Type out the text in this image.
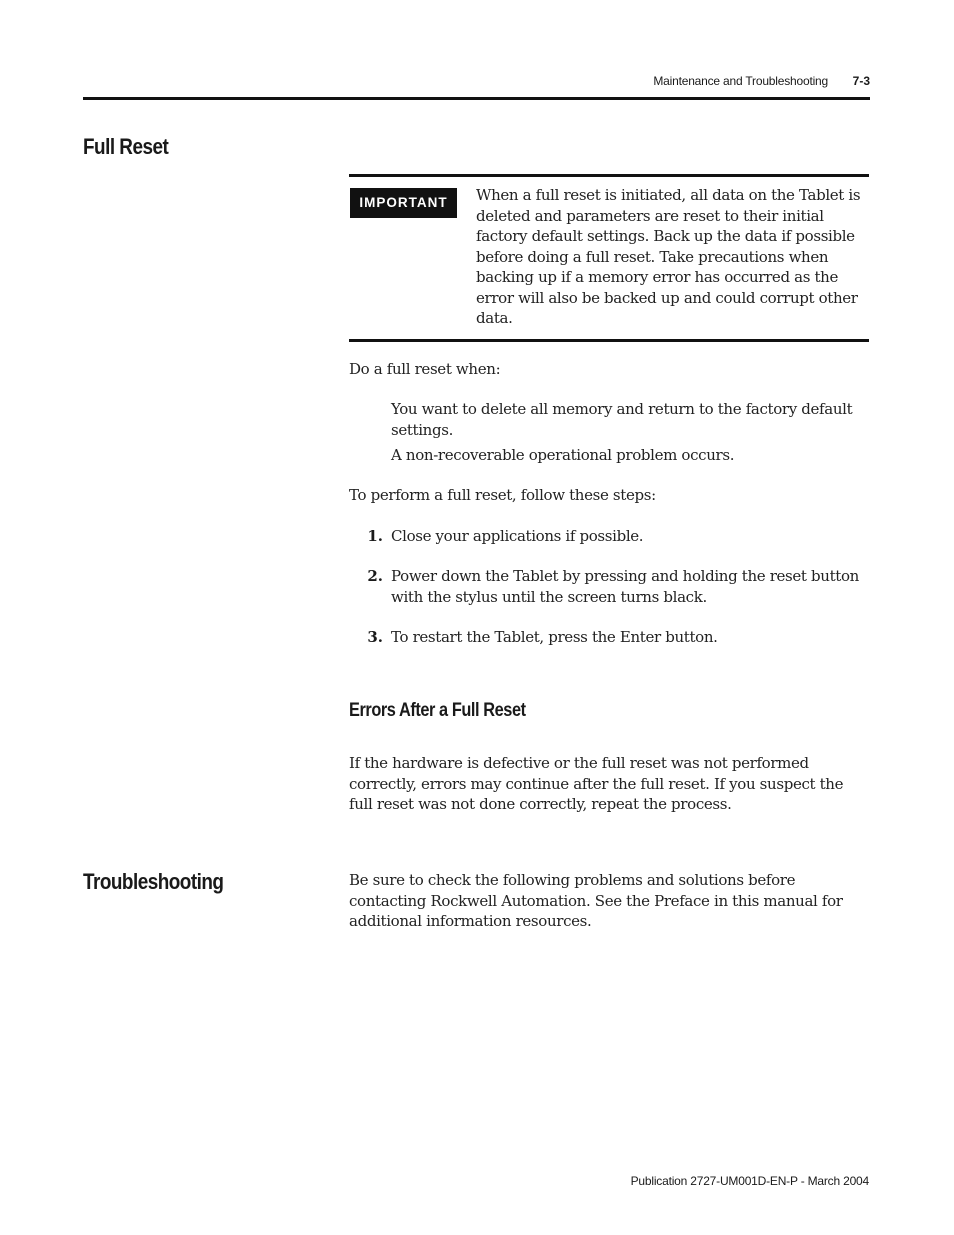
Maintenance and Troubleshooting	7-3
Full Reset
IMPORTANT	When a full reset is initiated, all data on the Tablet is deleted and parameters are reset to their initial factory default settings. Back up the data if possible before doing a full reset. Take precautions when backing up if a memory error has occurred as the error will also be backed up and could corrupt other data.
Do a full reset when:
You want to delete all memory and return to the factory default settings.
A non-recoverable operational problem occurs.
To perform a full reset, follow these steps:
1. Close your applications if possible.
2. Power down the Tablet by pressing and holding the reset button with the stylus until the screen turns black.
3. To restart the Tablet, press the Enter button.
Errors After a Full Reset
If the hardware is defective or the full reset was not performed correctly, errors may continue after the full reset. If you suspect the full reset was not done correctly, repeat the process.
Troubleshooting	Be sure to check the following problems and solutions before contacting Rockwell Automation. See the Preface in this manual for additional information resources.
Publication 2727-UM001D-EN-P - March 2004
